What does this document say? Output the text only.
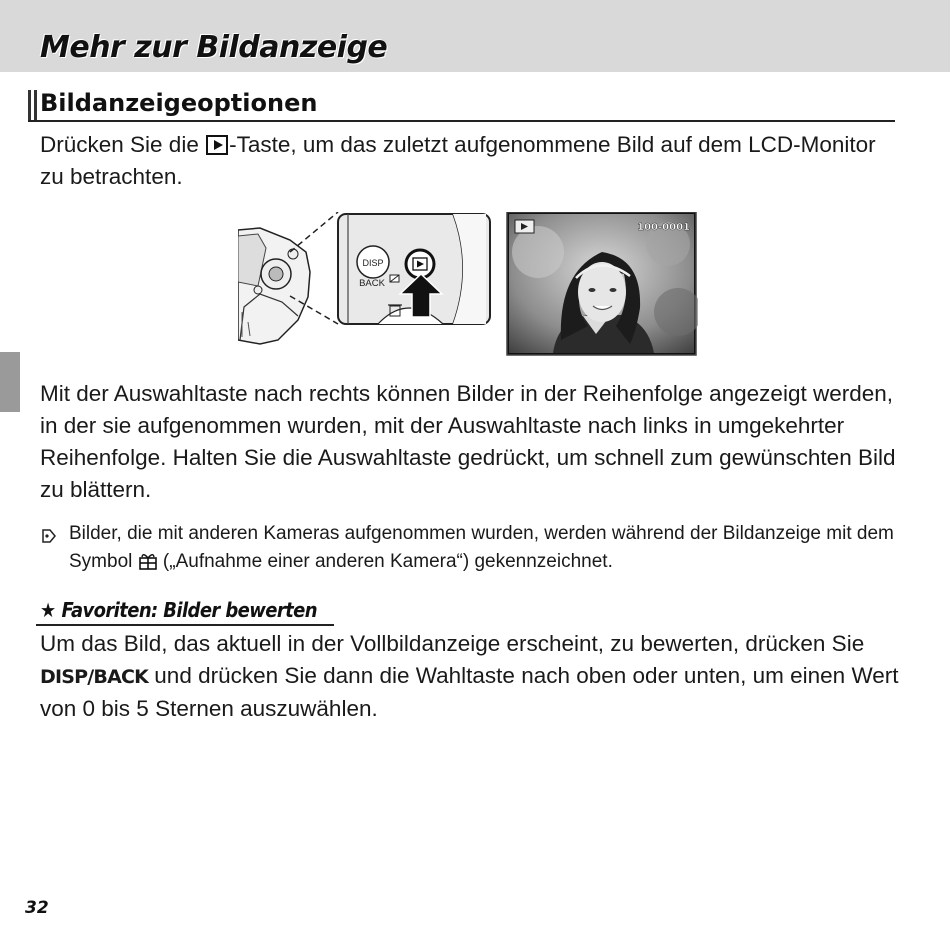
Mehr zur Bildanzeige
Bildanzeigeoptionen

Drücken Sie die -Taste, um das zuletzt aufgenommene Bild auf dem LCD-Monitor zu betrachten.

DISP
BACK
100-0001

Mit der Auswahltaste nach rechts können Bilder in der Reihenfolge angezeigt werden, in der sie aufgenommen wurden, mit der Auswahltaste nach links in umgekehrter Reihenfolge. Halten Sie die Auswahltaste gedrückt, um schnell zum gewünschten Bild zu blättern.

Bilder, die mit anderen Kameras aufgenommen wurden, werden während der Bildanzeige mit dem Symbol  („Aufnahme einer anderen Kamera“) gekennzeichnet.

★ Favoriten: Bilder bewerten

Um das Bild, das aktuell in der Vollbildanzeige erscheint, zu bewerten, drücken Sie DISP/BACK und drücken Sie dann die Wahltaste nach oben oder unten, um einen Wert von 0 bis 5 Sternen auszuwählen.

32
